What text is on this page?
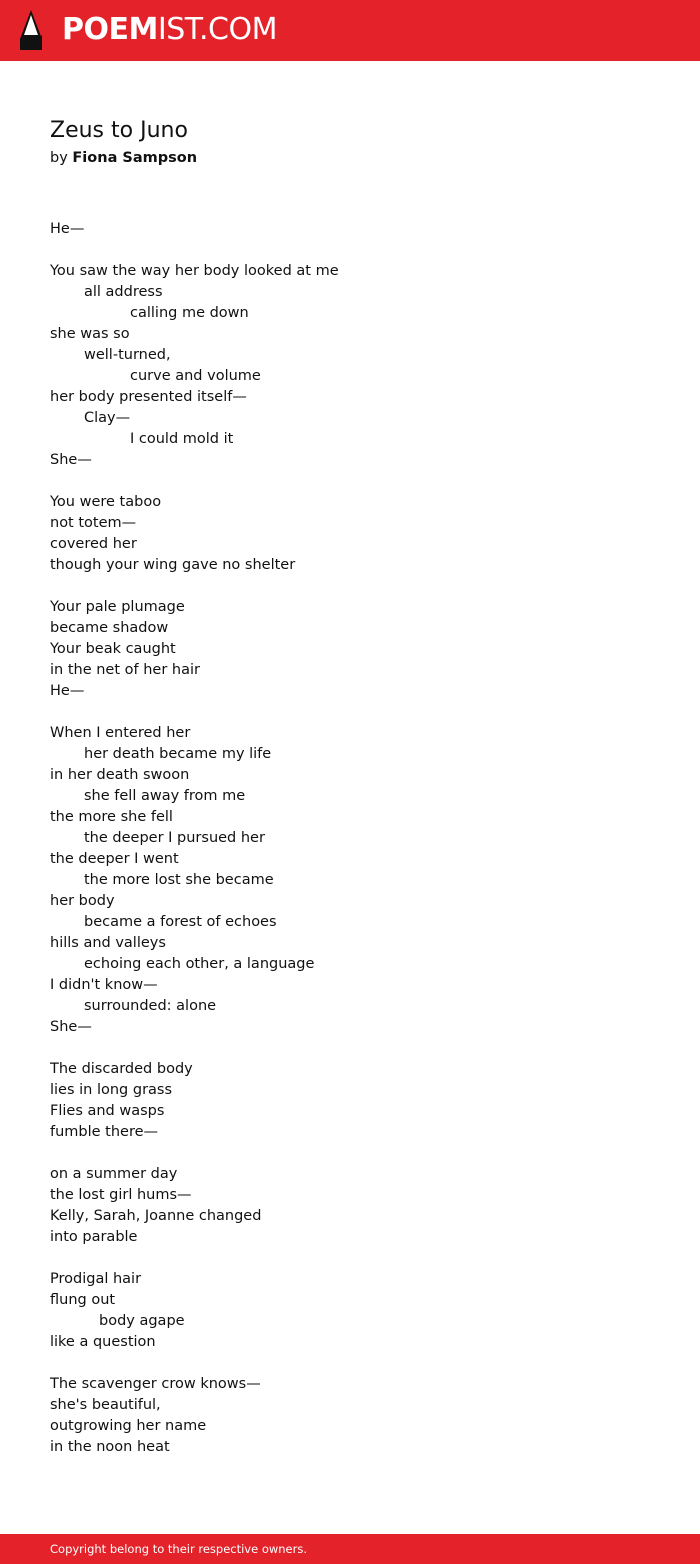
POEMIST.COM
Zeus to Juno

by Fiona Sampson

He—
You saw the way her body looked at me
all address
calling me down
she was so
well-turned,
curve and volume
her body presented itself—
Clay—
I could mold it
She—
You were taboo
not totem—
covered her
though your wing gave no shelter
Your pale plumage
became shadow
Your beak caught
in the net of her hair
He—
When I entered her
her death became my life
in her death swoon
she fell away from me
the more she fell
the deeper I pursued her
the deeper I went
the more lost she became
her body
became a forest of echoes
hills and valleys
echoing each other, a language
I didn't know—
surrounded: alone
She—
The discarded body
lies in long grass
Flies and wasps
fumble there—
on a summer day
the lost girl hums—
Kelly, Sarah, Joanne changed
into parable
Prodigal hair
flung out
body agape
like a question
The scavenger crow knows—
she's beautiful,
outgrowing her name
in the noon heat
Copyright belong to their respective owners.
